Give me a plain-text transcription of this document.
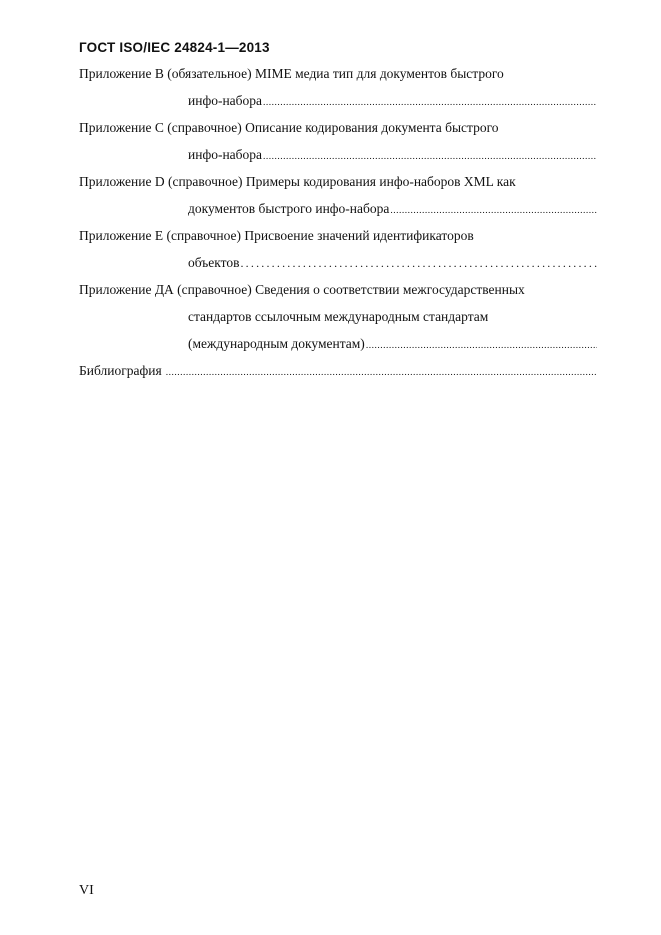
ГОСТ ISO/IEC 24824-1—2013
Приложение В (обязательное) MIME медиа тип для документов быстрого
инфо-набора
.....
Приложение С (справочное) Описание кодирования документа быстрого
инфо-набора
.....
Приложение D (справочное) Примеры кодирования инфо-наборов XML как
документов быстрого инфо-набора
.....
Приложение E (справочное) Присвоение значений идентификаторов
объектов
.....
Приложение ДА (справочное) Сведения о соответствии межгосударственных
стандартов ссылочным международным стандартам
(международным документам)
.....
Библиография
.....
VI
